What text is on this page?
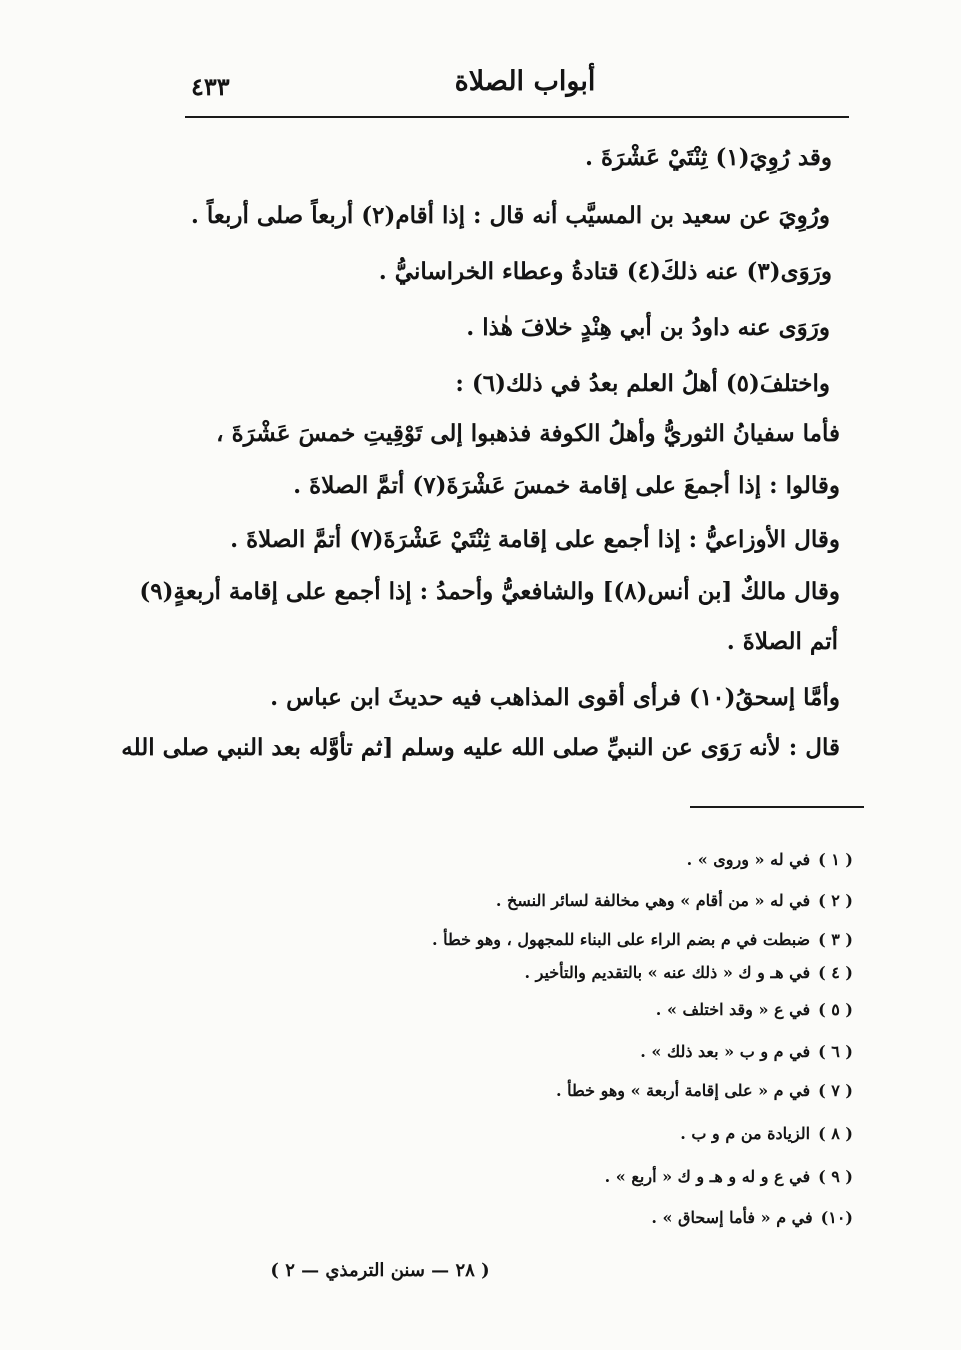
٤٣٣	أبواب الصلاة
وقد رُوِيَ(١) ثِنْتَيْ عَشْرَةَ .
ورُوِيَ عن سعيد بن المسيَّب أنه قال : إذا أقام(٢) أربعاً صلى أربعاً .
ورَوَى(٣) عنه ذلكَ(٤) قتادةُ وعطاء الخراسانيُّ .
ورَوَى عنه داودُ بن أبي هِنْدٍ خلافَ هٰذا .
واختلفَ(٥) أهلُ العلم بعدُ في ذلك(٦) :
فأما سفيانُ الثوريُّ وأهلُ الكوفة فذهبوا إلى تَوْقِيتِ خمسَ عَشْرَةَ ،
وقالوا : إذا أجمعَ على إقامة خمسَ عَشْرَةَ(٧) أتمَّ الصلاةَ .
وقال الأوزاعيُّ : إذا أجمع على إقامة ثِنْتَيْ عَشْرَةَ(٧) أتمَّ الصلاةَ .
وقال مالكٌ [بن أنس(٨)] والشافعيُّ وأحمدُ : إذا أجمع على إقامة أربعةٍ(٩)
أتم الصلاةَ .
وأمَّا إسحقُ(١٠) فرأى أقوى المذاهب فيه حديثَ ابن عباس .
قال : لأنه رَوَى عن النبيِّ صلى الله عليه وسلم [ثم تأوَّله بعد النبي صلى الله
( ١ )في له « وروى » .
( ٢ )في له « من أقام » وهي مخالفة لسائر النسخ .
( ٣ )ضبطت في م بضم الراء على البناء للمجهول ، وهو خطأ .
( ٤ )في هـ و ك « ذلك عنه » بالتقديم والتأخير .
( ٥ )في ع « وقد اختلف » .
( ٦ )في م و ب « بعد ذلك » .
( ٧ )في م « على إقامة أربعة » وهو خطأ .
( ٨ )الزيادة من م و ب .
( ٩ )في ع و له و هـ و ك « أربع » .
(١٠)في م « فأما إسحاق » .
( ٢٨ — سنن الترمذي — ٢ )
